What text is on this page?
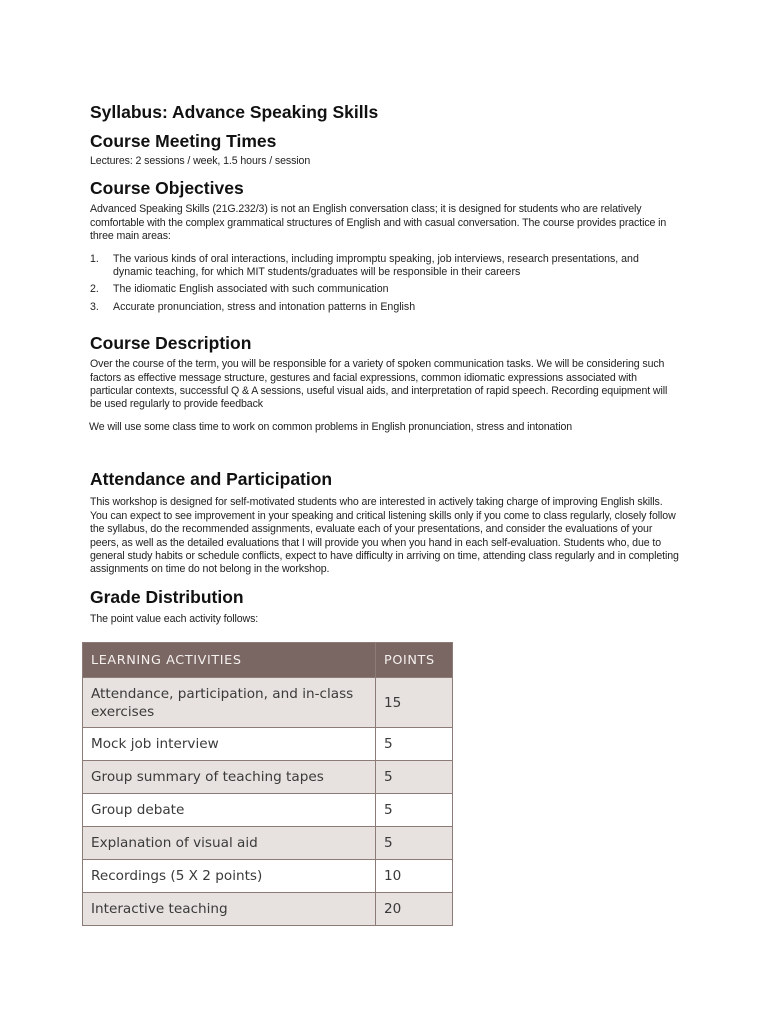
Syllabus: Advance Speaking Skills
Course Meeting Times

Lectures: 2 sessions / week, 1.5 hours / session

Course Objectives

Advanced Speaking Skills (21G.232/3) is not an English conversation class; it is designed for students who are relatively comfortable with the complex grammatical structures of English and with casual conversation. The course provides practice in three main areas:

1. The various kinds of oral interactions, including impromptu speaking, job interviews, research presentations, and dynamic teaching, for which MIT students/graduates will be responsible in their careers
2. The idiomatic English associated with such communication
3. Accurate pronunciation, stress and intonation patterns in English
Course Description

Over the course of the term, you will be responsible for a variety of spoken communication tasks. We will be considering such factors as effective message structure, gestures and facial expressions, common idiomatic expressions associated with particular contexts, successful Q & A sessions, useful visual aids, and interpretation of rapid speech. Recording equipment will be used regularly to provide feedback

We will use some class time to work on common problems in English pronunciation, stress and intonation

Attendance and Participation

This workshop is designed for self-motivated students who are interested in actively taking charge of improving English skills. You can expect to see improvement in your speaking and critical listening skills only if you come to class regularly, closely follow the syllabus, do the recommended assignments, evaluate each of your presentations, and consider the evaluations of your peers, as well as the detailed evaluations that I will provide you when you hand in each self-evaluation. Students who, due to general study habits or schedule conflicts, expect to have difficulty in arriving on time, attending class regularly and in completing assignments on time do not belong in the workshop.

Grade Distribution

The point value each activity follows:

LEARNING ACTIVITIES	POINTS
Attendance, participation, and in-class exercises	15
Mock job interview	5
Group summary of teaching tapes	5
Group debate	5
Explanation of visual aid	5
Recordings (5 X 2 points)	10
Interactive teaching	20
